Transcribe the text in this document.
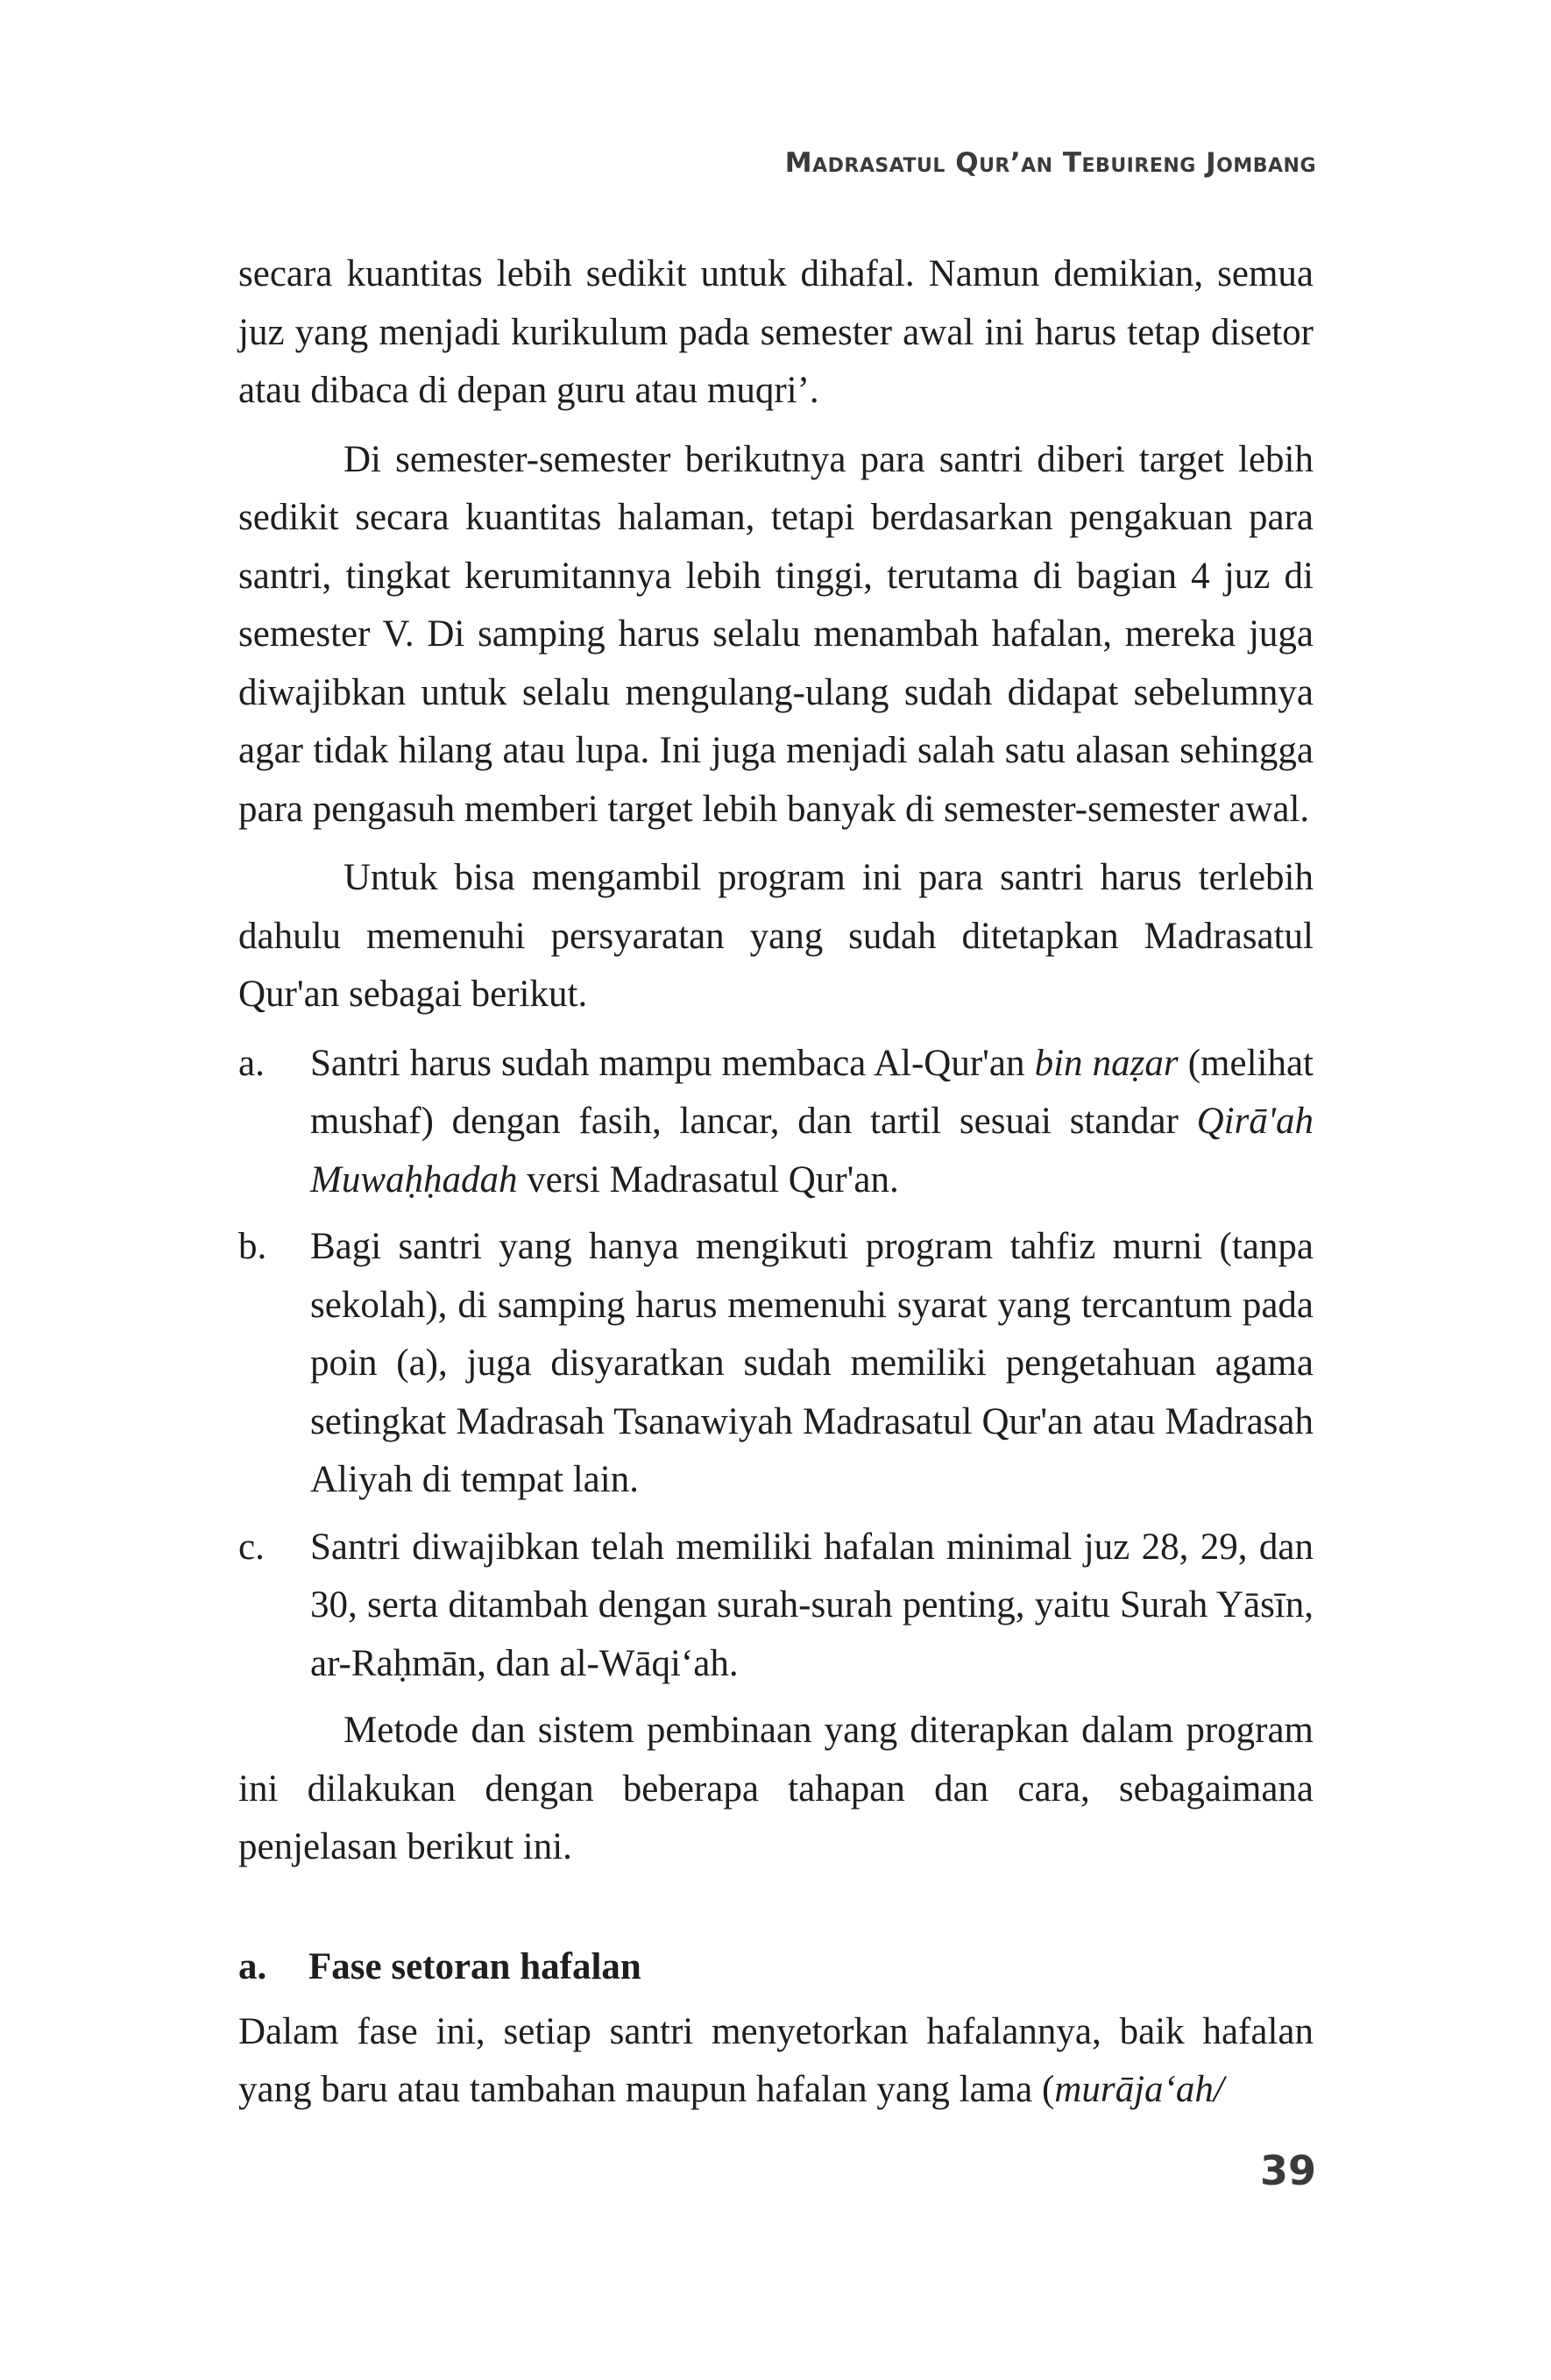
Madrasatul Qur’an Tebuireng Jombang

secara kuantitas lebih sedikit untuk dihafal. Namun demikian, semua juz yang menjadi kurikulum pada semester awal ini harus tetap disetor atau dibaca di depan guru atau muqri’.

Di semester-semester berikutnya para santri diberi target lebih sedikit secara kuantitas halaman, tetapi berdasarkan pengakuan para santri, tingkat kerumitannya lebih tinggi, terutama di bagian 4 juz di semester V. Di samping harus selalu menambah hafalan, mereka juga diwajibkan untuk selalu mengulang-ulang sudah didapat sebelumnya agar tidak hilang atau lupa. Ini juga menjadi salah satu alasan sehingga para pengasuh memberi target lebih banyak di semester-semester awal.

Untuk bisa mengambil program ini para santri harus terlebih dahulu memenuhi persyaratan yang sudah ditetapkan Madrasatul Qur'an sebagai berikut.

a. Santri harus sudah mampu membaca Al-Qur'an bin naẓar (melihat mushaf) dengan fasih, lancar, dan tartil sesuai standar Qirā'ah Muwaḥḥadah versi Madrasatul Qur'an.
b. Bagi santri yang hanya mengikuti program tahfiz murni (tanpa sekolah), di samping harus memenuhi syarat yang tercantum pada poin (a), juga disyaratkan sudah memiliki pengetahuan agama setingkat Madrasah Tsanawiyah Madrasatul Qur'an atau Madrasah Aliyah di tempat lain.
c. Santri diwajibkan telah memiliki hafalan minimal juz 28, 29, dan 30, serta ditambah dengan surah-surah penting, yaitu Surah Yāsīn, ar-Raḥmān, dan al-Wāqi‘ah.

Metode dan sistem pembinaan yang diterapkan dalam program ini dilakukan dengan beberapa tahapan dan cara, sebagaimana penjelasan berikut ini.

a. Fase setoran hafalan

Dalam fase ini, setiap santri menyetorkan hafalannya, baik hafalan yang baru atau tambahan maupun hafalan yang lama (murāja‘ah/

39
